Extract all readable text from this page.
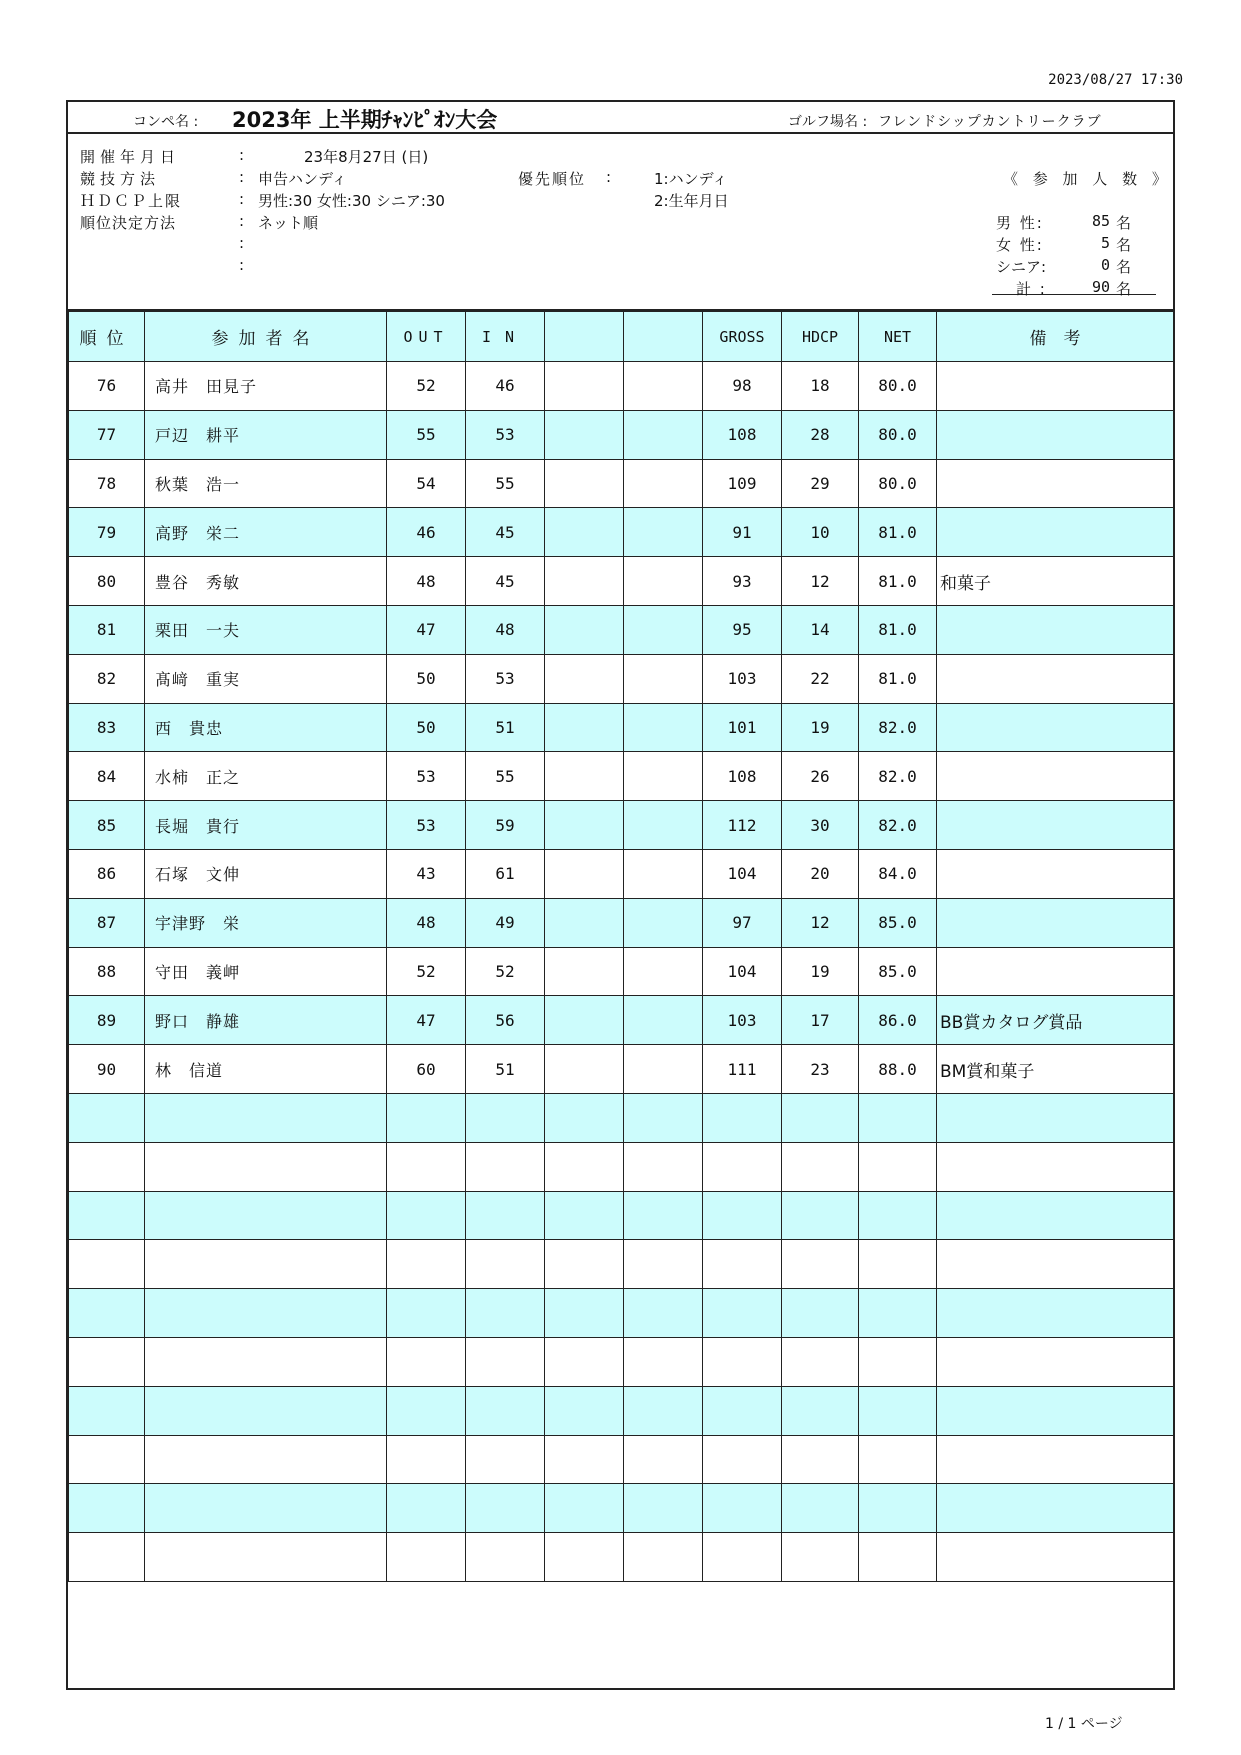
2023/08/27 17:30
コンペ名 : 2023年 上半期ﾁｬﾝﾋﾟｵﾝ大会	ゴルフ場名 : フレンドシップカントリークラブ
開催年月日	:	23年8月27日 (日)
競技方法	: 申告ハンディ
ＨＤＣＰ上限	: 男性:30 女性:30 シニア:30
順位決定方法	: ネット順
:
:
優先順位 :	1:ハンディ
2:生年月日
《 参 加 人 数 》
男 性:	85 名
女 性:	5 名
シニア:	0 名
計 :	90 名
順位	参加者名	OUT	IN			GROSS	HDCP	NET	備　考
76	高井　田見子	52	46			98	18	80.0	
77	戸辺　耕平	55	53			108	28	80.0	
78	秋葉　浩一	54	55			109	29	80.0	
79	高野　栄二	46	45			91	10	81.0	
80	豊谷　秀敏	48	45			93	12	81.0	和菓子
81	栗田　一夫	47	48			95	14	81.0	
82	髙﨑　重実	50	53			103	22	81.0	
83	西　貴忠	50	51			101	19	82.0	
84	水柿　正之	53	55			108	26	82.0	
85	長堀　貴行	53	59			112	30	82.0	
86	石塚　文伸	43	61			104	20	84.0	
87	宇津野　栄	48	49			97	12	85.0	
88	守田　義岬	52	52			104	19	85.0	
89	野口　静雄	47	56			103	17	86.0	BB賞カタログ賞品
90	林　信道	60	51			111	23	88.0	BM賞和菓子

1 / 1 ページ
